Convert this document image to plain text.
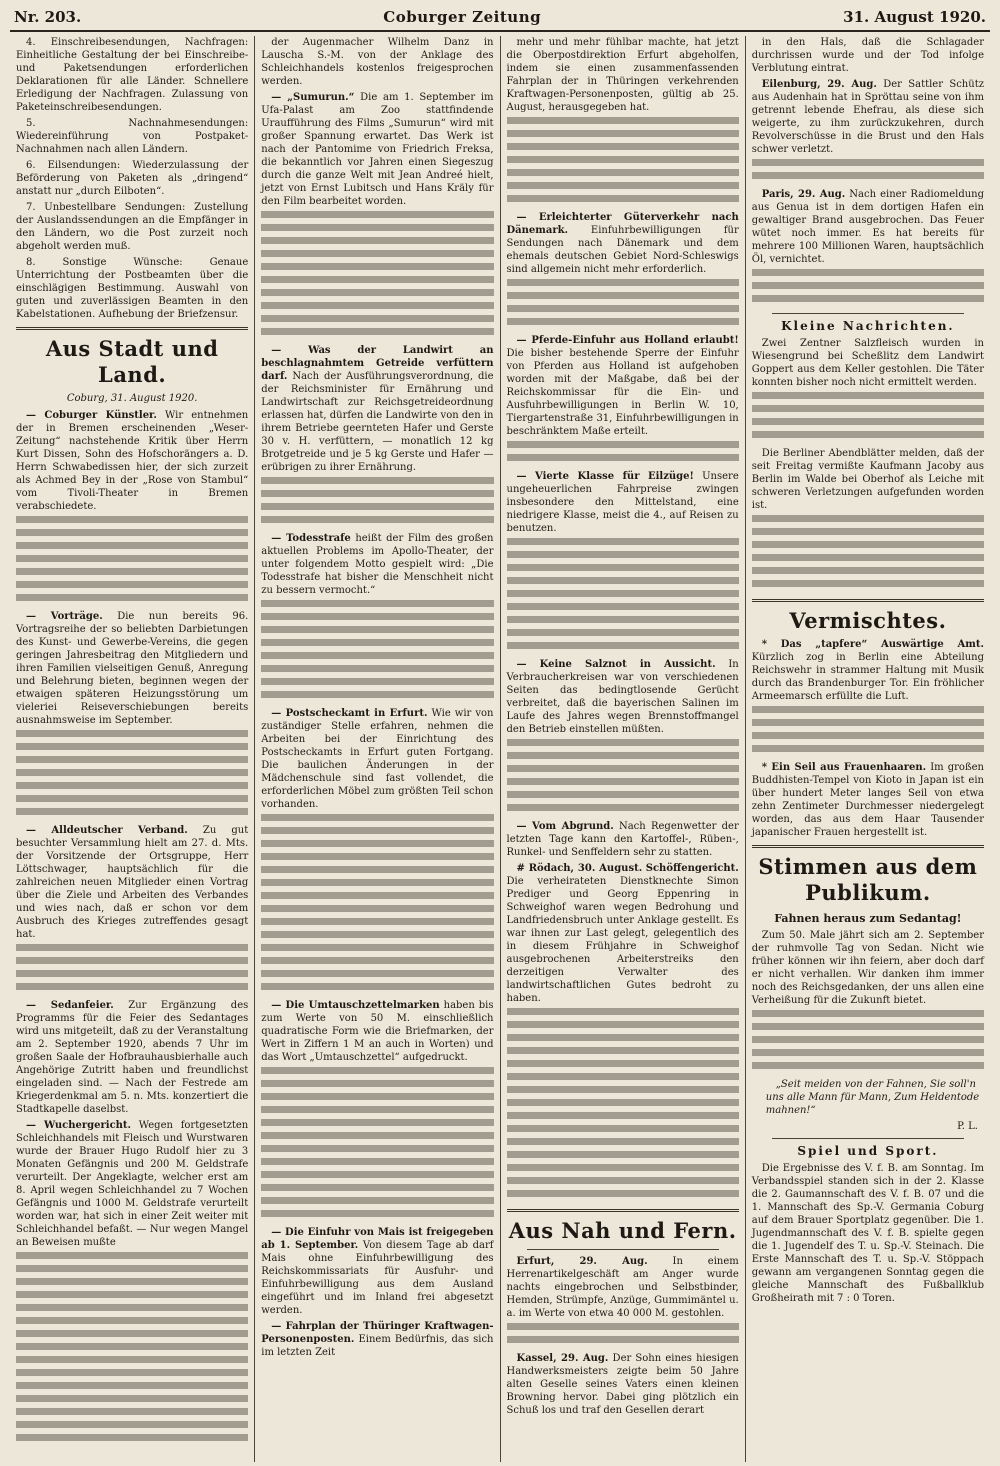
Nr. 203.	Coburger Zeitung	31. August 1920.

4. Einschreibesendungen, Nachfragen: Einheitliche Gestaltung der bei Einschreibe- und Paketsendungen erforderlichen Deklarationen für alle Länder. Schnellere Erledigung der Nachfragen. Zulassung von Paketeinschreibesendungen.

5. Nachnahmesendungen: Wiedereinführung von Postpaket-Nachnahmen nach allen Ländern.

6. Eilsendungen: Wiederzulassung der Beförderung von Paketen als „dringend“ anstatt nur „durch Eilboten“.

7. Unbestellbare Sendungen: Zustellung der Auslandssendungen an die Empfänger in den Ländern, wo die Post zurzeit noch abgeholt werden muß.

8. Sonstige Wünsche: Genaue Unterrichtung der Postbeamten über die einschlägigen Bestimmung. Auswahl von guten und zuverlässigen Beamten in den Kabelstationen. Aufhebung der Briefzensur.

Aus Stadt und Land.
Coburg, 31. August 1920.

— Coburger Künstler. Wir entnehmen der in Bremen erscheinenden „Weser-Zeitung“ nachstehende Kritik über Herrn Kurt Dissen, Sohn des Hofschorängers a. D. Herrn Schwabedissen hier, der sich zurzeit als Achmed Bey in der „Rose von Stambul“ vom Tivoli-Theater in Bremen verabschiedete.

— Vorträge. Die nun bereits 96. Vortragsreihe der so beliebten Darbietungen des Kunst- und Gewerbe-Vereins, die gegen geringen Jahresbeitrag den Mitgliedern und ihren Familien vielseitigen Genuß, Anregung und Belehrung bieten, beginnen wegen der etwaigen späteren Heizungsstörung um vieleriei Reiseverschiebungen bereits ausnahmsweise im September.

— Alldeutscher Verband. Zu gut besuchter Versammlung hielt am 27. d. Mts. der Vorsitzende der Ortsgruppe, Herr Löttschwager, hauptsächlich für die zahlreichen neuen Mitglieder einen Vortrag über die Ziele und Arbeiten des Verbandes und wies nach, daß er schon vor dem Ausbruch des Krieges zutreffendes gesagt hat.

— Sedanfeier. Zur Ergänzung des Programms für die Feier des Sedantages wird uns mitgeteilt, daß zu der Veranstaltung am 2. September 1920, abends 7 Uhr im großen Saale der Hofbrauhausbierhalle auch Angehörige Zutritt haben und freundlichst eingeladen sind. — Nach der Festrede am Kriegerdenkmal am 5. n. Mts. konzertiert die Stadtkapelle daselbst.

— Wuchergericht. Wegen fortgesetzten Schleichhandels mit Fleisch und Wurstwaren wurde der Brauer Hugo Rudolf hier zu 3 Monaten Gefängnis und 200 M. Geldstrafe verurteilt. Der Angeklagte, welcher erst am 8. April wegen Schleichhandel zu 7 Wochen Gefängnis und 1000 M. Geldstrafe verurteilt worden war, hat sich in einer Zeit weiter mit Schleichhandel befaßt. — Nur wegen Mangel an Beweisen mußte

der Augenmacher Wilhelm Danz in Lauscha S.-M. von der Anklage des Schleichhandels kostenlos freigesprochen werden.

— „Sumurun.“ Die am 1. September im Ufa-Palast am Zoo stattfindende Uraufführung des Films „Sumurun“ wird mit großer Spannung erwartet. Das Werk ist nach der Pantomime von Friedrich Freksa, die bekanntlich vor Jahren einen Siegeszug durch die ganze Welt mit Jean Andreé hielt, jetzt von Ernst Lubitsch und Hans Kräly für den Film bearbeitet worden.

— Was der Landwirt an beschlagnahmtem Getreide verfüttern darf. Nach der Ausführungsverordnung, die der Reichsminister für Ernährung und Landwirtschaft zur Reichsgetreideordnung erlassen hat, dürfen die Landwirte von den in ihrem Betriebe geernteten Hafer und Gerste 30 v. H. verfüttern, — monatlich 12 kg Brotgetreide und je 5 kg Gerste und Hafer — erübrigen zu ihrer Ernährung.

— Todesstrafe heißt der Film des großen aktuellen Problems im Apollo-Theater, der unter folgendem Motto gespielt wird: „Die Todesstrafe hat bisher die Menschheit nicht zu bessern vermocht.“

— Postscheckamt in Erfurt. Wie wir von zuständiger Stelle erfahren, nehmen die Arbeiten bei der Einrichtung des Postscheckamts in Erfurt guten Fortgang. Die baulichen Änderungen in der Mädchenschule sind fast vollendet, die erforderlichen Möbel zum größten Teil schon vorhanden.

— Die Umtauschzettelmarken haben bis zum Werte von 50 M. einschließlich quadratische Form wie die Briefmarken, der Wert in Ziffern 1 M an auch in Worten) und das Wort „Umtauschzettel“ aufgedruckt.

— Die Einfuhr von Mais ist freigegeben ab 1. September. Von diesem Tage ab darf Mais ohne Einfuhrbewilligung des Reichskommissariats für Ausfuhr- und Einfuhrbewilligung aus dem Ausland eingeführt und im Inland frei abgesetzt werden.

— Fahrplan der Thüringer Kraftwagen-Personenposten. Einem Bedürfnis, das sich im letzten Zeit

mehr und mehr fühlbar machte, hat jetzt die Oberpostdirektion Erfurt abgeholfen, indem sie einen zusammenfassenden Fahrplan der in Thüringen verkehrenden Kraftwagen-Personenposten, gültig ab 25. August, herausgegeben hat.

— Erleichterter Güterverkehr nach Dänemark. Einfuhrbewilligungen für Sendungen nach Dänemark und dem ehemals deutschen Gebiet Nord-Schleswigs sind allgemein nicht mehr erforderlich.

— Pferde-Einfuhr aus Holland erlaubt! Die bisher bestehende Sperre der Einfuhr von Pferden aus Holland ist aufgehoben worden mit der Maßgabe, daß bei der Reichskommissar für die Ein- und Ausfuhrbewilligungen in Berlin W. 10, Tiergartenstraße 31, Einfuhrbewilligungen in beschränktem Maße erteilt.

— Vierte Klasse für Eilzüge! Unsere ungeheuerlichen Fahrpreise zwingen insbesondere den Mittelstand, eine niedrigere Klasse, meist die 4., auf Reisen zu benutzen.

— Keine Salznot in Aussicht. In Verbraucherkreisen war von verschiedenen Seiten das bedingtlosende Gerücht verbreitet, daß die bayerischen Salinen im Laufe des Jahres wegen Brennstoffmangel den Betrieb einstellen müßten.

— Vom Abgrund. Nach Regenwetter der letzten Tage kann den Kartoffel-, Rüben-, Runkel- und Senffeldern sehr zu statten.

# Rödach, 30. August. Schöffengericht. Die verheirateten Dienstknechte Simon Prediger und Georg Eppenring in Schweighof waren wegen Bedrohung und Landfriedensbruch unter Anklage gestellt. Es war ihnen zur Last gelegt, gelegentlich des in diesem Frühjahre in Schweighof ausgebrochenen Arbeiterstreiks den derzeitigen Verwalter des landwirtschaftlichen Gutes bedroht zu haben.

Aus Nah und Fern.

Erfurt, 29. Aug. In einem Herrenartikelgeschäft am Anger wurde nachts eingebrochen und Selbstbinder, Hemden, Strümpfe, Anzüge, Gummimäntel u. a. im Werte von etwa 40 000 M. gestohlen.

Kassel, 29. Aug. Der Sohn eines hiesigen Handwerksmeisters zeigte beim 50 Jahre alten Geselle seines Vaters einen kleinen Browning hervor. Dabei ging plötzlich ein Schuß los und traf den Gesellen derart

in den Hals, daß die Schlagader durchrissen wurde und der Tod infolge Verblutung eintrat.

Eilenburg, 29. Aug. Der Sattler Schütz aus Audenhain hat in Spröttau seine von ihm getrennt lebende Ehefrau, als diese sich weigerte, zu ihm zurückzukehren, durch Revolverschüsse in die Brust und den Hals schwer verletzt.

Paris, 29. Aug. Nach einer Radiomeldung aus Genua ist in dem dortigen Hafen ein gewaltiger Brand ausgebrochen. Das Feuer wütet noch immer. Es hat bereits für mehrere 100 Millionen Waren, hauptsächlich Öl, vernichtet.

Kleine Nachrichten.

Zwei Zentner Salzfleisch wurden in Wiesengrund bei Scheßlitz dem Landwirt Goppert aus dem Keller gestohlen. Die Täter konnten bisher noch nicht ermittelt werden.

Die Berliner Abendblätter melden, daß der seit Freitag vermißte Kaufmann Jacoby aus Berlin im Walde bei Oberhof als Leiche mit schweren Verletzungen aufgefunden worden ist.

Vermischtes.

* Das „tapfere“ Auswärtige Amt. Kürzlich zog in Berlin eine Abteilung Reichswehr in strammer Haltung mit Musik durch das Brandenburger Tor. Ein fröhlicher Armeemarsch erfüllte die Luft.

* Ein Seil aus Frauenhaaren. Im großen Buddhisten-Tempel von Kioto in Japan ist ein über hundert Meter langes Seil von etwa zehn Zentimeter Durchmesser niedergelegt worden, das aus dem Haar Tausender japanischer Frauen hergestellt ist.

Stimmen aus dem Publikum.
Fahnen heraus zum Sedantag!

Zum 50. Male jährt sich am 2. September der ruhmvolle Tag von Sedan. Nicht wie früher können wir ihn feiern, aber doch darf er nicht verhallen. Wir danken ihm immer noch des Reichsgedanken, der uns allen eine Verheißung für die Zukunft bietet.

„Seit meiden von der Fahnen, Sie soll'n uns alle Mann für Mann, Zum Heldentode mahnen!“

P. L.
Spiel und Sport.

Die Ergebnisse des V. f. B. am Sonntag. Im Verbandsspiel standen sich in der 2. Klasse die 2. Gaumannschaft des V. f. B. 07 und die 1. Mannschaft des Sp.-V. Germania Coburg auf dem Brauer Sportplatz gegenüber. Die 1. Jugendmannschaft des V. f. B. spielte gegen die 1. Jugendelf des T. u. Sp.-V. Steinach. Die Erste Mannschaft des T. u. Sp.-V. Stöppach gewann am vergangenen Sonntag gegen die gleiche Mannschaft des Fußballklub Großheirath mit 7 : 0 Toren.
